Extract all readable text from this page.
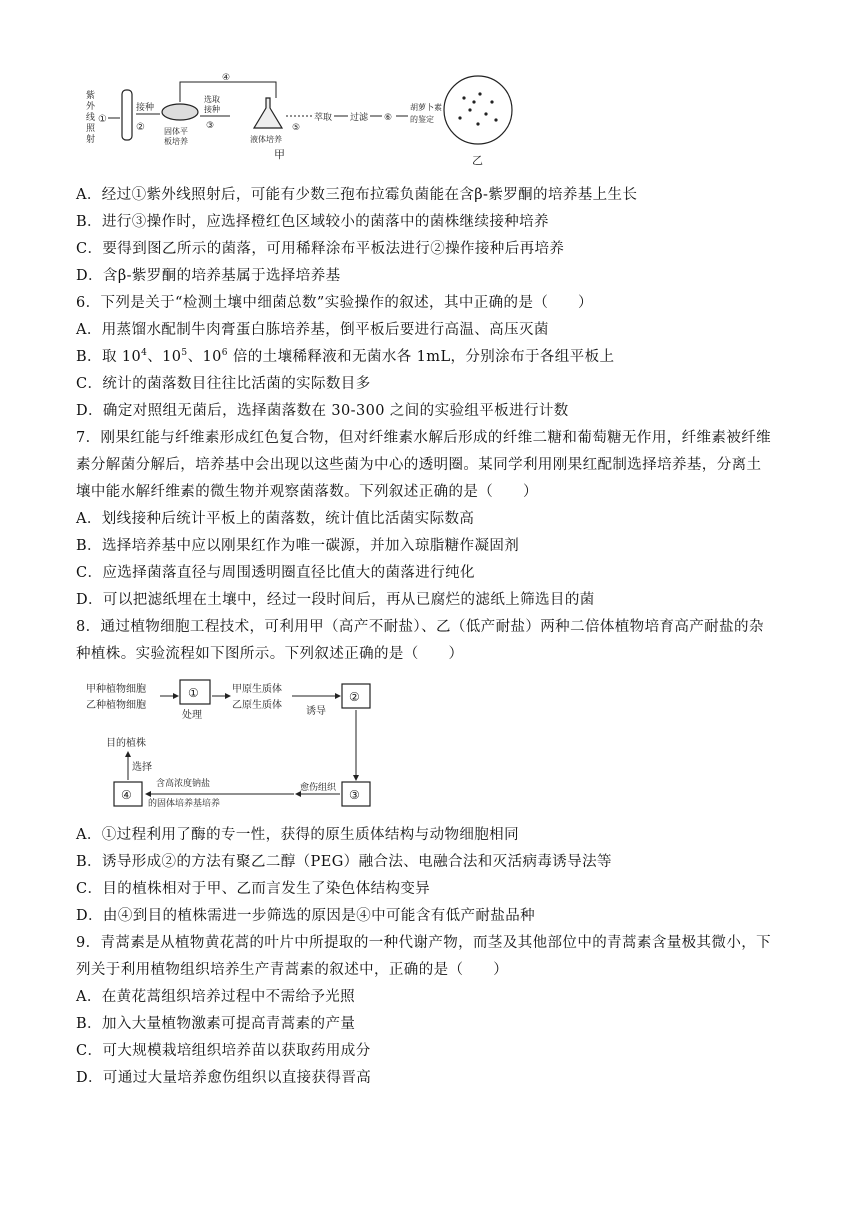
紫
外
线
照
射
①
②
接种
固体平
板培养
④
选取
接种
③
液体培养
⑤
萃取 过滤 ⑥
胡萝卜素
的鉴定
甲	乙
A．经过①紫外线照射后，可能有少数三孢布拉霉负菌能在含β-紫罗酮的培养基上生长
B．进行③操作时，应选择橙红色区域较小的菌落中的菌株继续接种培养
C．要得到图乙所示的菌落，可用稀释涂布平板法进行②操作接种后再培养
D．含β-紫罗酮的培养基属于选择培养基
6．下列是关于“检测土壤中细菌总数”实验操作的叙述，其中正确的是（　　）
A．用蒸馏水配制牛肉膏蛋白胨培养基，倒平板后要进行高温、高压灭菌
B．取 $10^4$、$10^5$、$10^6$ 倍的土壤稀释液和无菌水各 1mL，分别涂布于各组平板上
C．统计的菌落数目往往比活菌的实际数目多
D．确定对照组无菌后，选择菌落数在 30-300 之间的实验组平板进行计数
7．刚果红能与纤维素形成红色复合物，但对纤维素水解后形成的纤维二糖和葡萄糖无作用，纤维素被纤维
素分解菌分解后，培养基中会出现以这些菌为中心的透明圈。某同学利用刚果红配制选择培养基，分离土
壤中能水解纤维素的微生物并观察菌落数。下列叙述正确的是（　　）
A．划线接种后统计平板上的菌落数，统计值比活菌实际数高
B．选择培养基中应以刚果红作为唯一碳源，并加入琼脂糖作凝固剂
C．应选择菌落直径与周围透明圈直径比值大的菌落进行纯化
D．可以把滤纸埋在土壤中，经过一段时间后，再从已腐烂的滤纸上筛选目的菌
8．通过植物细胞工程技术，可利用甲（高产不耐盐）、乙（低产耐盐）两种二倍体植物培育高产耐盐的杂
种植株。实验流程如下图所示。下列叙述正确的是（　　）
甲种植物细胞
乙种植物细胞
①
处理
甲原生质体
乙原生质体
诱导
②
③
愈伤组织
含高浓度钠盐
的固体培养基培养
④
选择
目的植株
A．①过程利用了酶的专一性，获得的原生质体结构与动物细胞相同
B．诱导形成②的方法有聚乙二醇（PEG）融合法、电融合法和灭活病毒诱导法等
C．目的植株相对于甲、乙而言发生了染色体结构变异
D．由④到目的植株需进一步筛选的原因是④中可能含有低产耐盐品种
9．青蒿素是从植物黄花蒿的叶片中所提取的一种代谢产物，而茎及其他部位中的青蒿素含量极其微小，下
列关于利用植物组织培养生产青蒿素的叙述中，正确的是（　　）
A．在黄花蒿组织培养过程中不需给予光照
B．加入大量植物激素可提高青蒿素的产量
C．可大规模栽培组织培养苗以获取药用成分
D．可通过大量培养愈伤组织以直接获得晋高
